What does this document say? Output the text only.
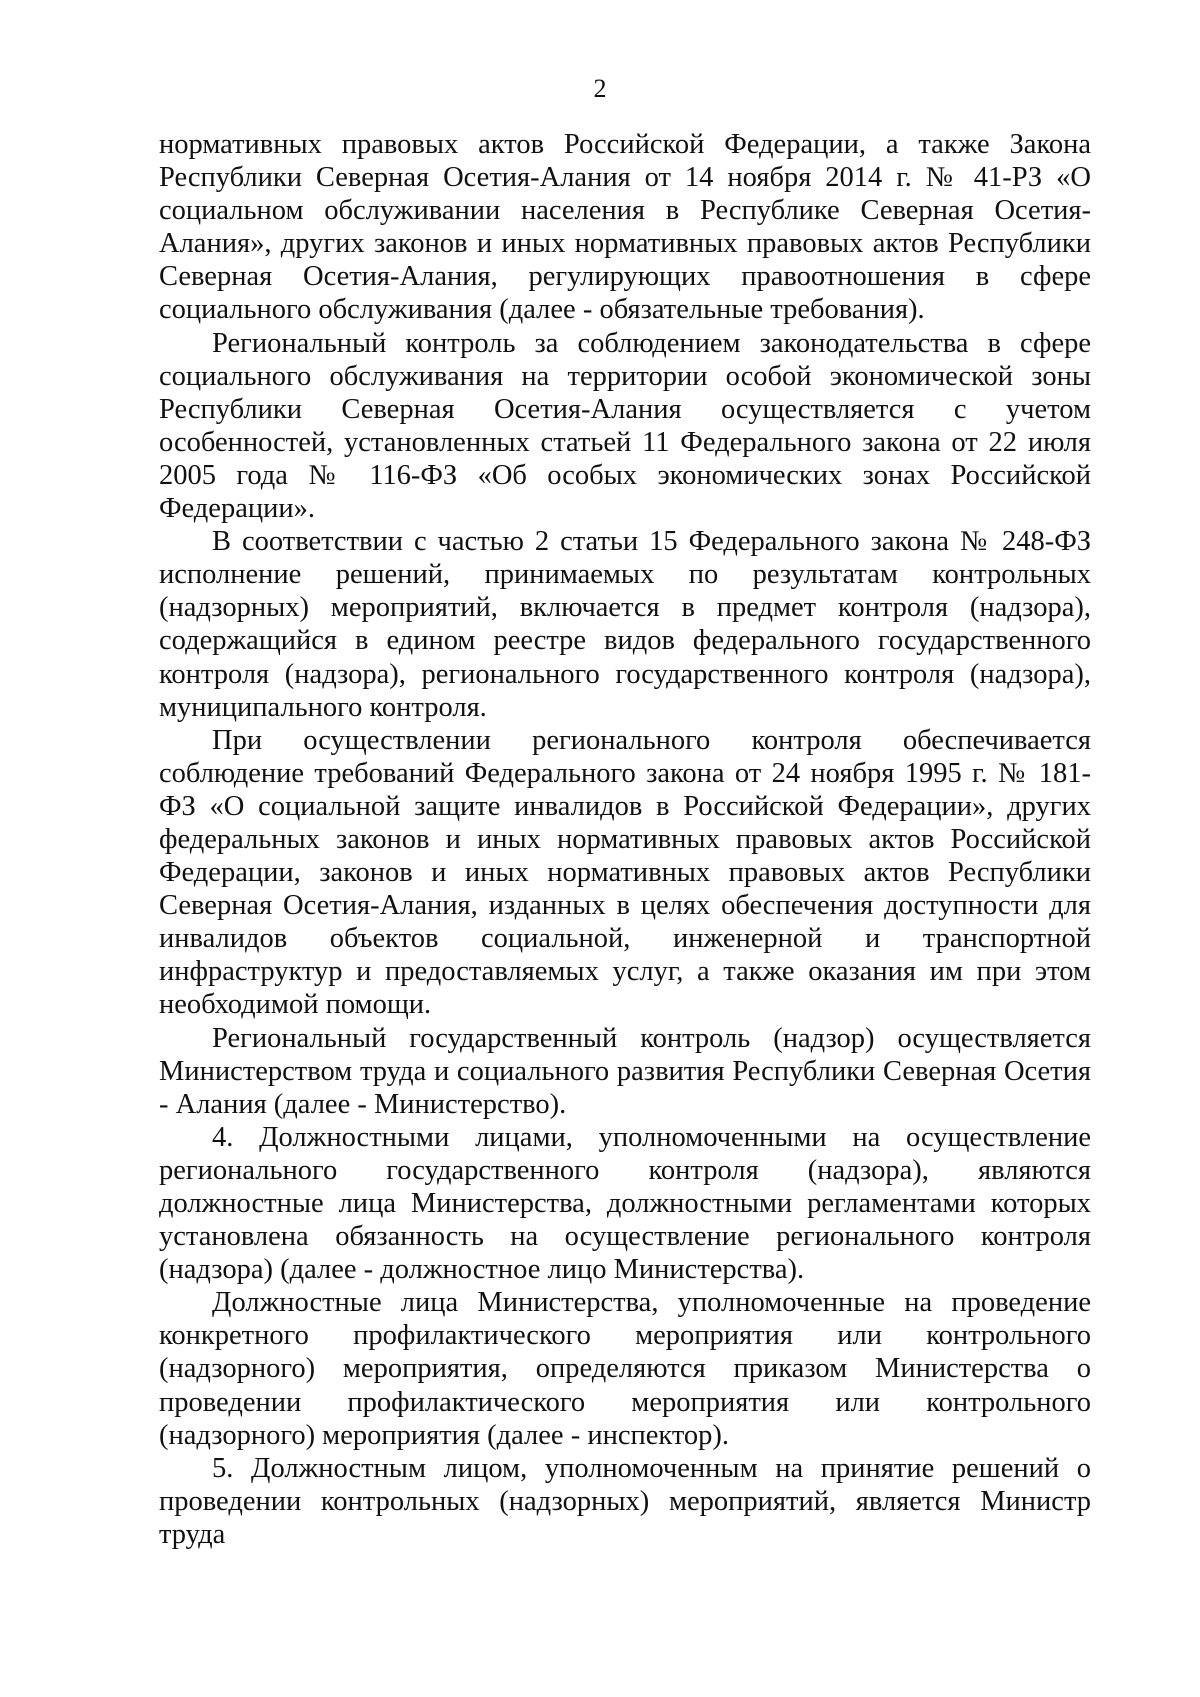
2

нормативных правовых актов Российской Федерации, а также Закона Республики Северная Осетия-Алания от 14 ноября 2014 г. № 41-РЗ «О социальном обслуживании населения в Республике Северная Осетия-Алания», других законов и иных нормативных правовых актов Республики Северная Осетия-Алания, регулирующих правоотношения в сфере социального обслуживания (далее - обязательные требования).

Региональный контроль за соблюдением законодательства в сфере социального обслуживания на территории особой экономической зоны Республики Северная Осетия-Алания осуществляется с учетом особенностей, установленных статьей 11 Федерального закона от 22 июля 2005 года № 116-ФЗ «Об особых экономических зонах Российской Федерации».

В соответствии с частью 2 статьи 15 Федерального закона № 248-ФЗ исполнение решений, принимаемых по результатам контрольных (надзорных) мероприятий, включается в предмет контроля (надзора), содержащийся в едином реестре видов федерального государственного контроля (надзора), регионального государственного контроля (надзора), муниципального контроля.

При осуществлении регионального контроля обеспечивается соблюдение требований Федерального закона от 24 ноября 1995 г. № 181-ФЗ «О социальной защите инвалидов в Российской Федерации», других федеральных законов и иных нормативных правовых актов Российской Федерации, законов и иных нормативных правовых актов Республики Северная Осетия-Алания, изданных в целях обеспечения доступности для инвалидов объектов социальной, инженерной и транспортной инфраструктур и предоставляемых услуг, а также оказания им при этом необходимой помощи.

Региональный государственный контроль (надзор) осуществляется Министерством труда и социального развития Республики Северная Осетия - Алания (далее - Министерство).

4. Должностными лицами, уполномоченными на осуществление регионального государственного контроля (надзора), являются должностные лица Министерства, должностными регламентами которых установлена обязанность на осуществление регионального контроля (надзора) (далее - должностное лицо Министерства).

Должностные лица Министерства, уполномоченные на проведение конкретного профилактического мероприятия или контрольного (надзорного) мероприятия, определяются приказом Министерства о проведении профилактического мероприятия или контрольного (надзорного) мероприятия (далее - инспектор).

5. Должностным лицом, уполномоченным на принятие решений о проведении контрольных (надзорных) мероприятий, является Министр труда
